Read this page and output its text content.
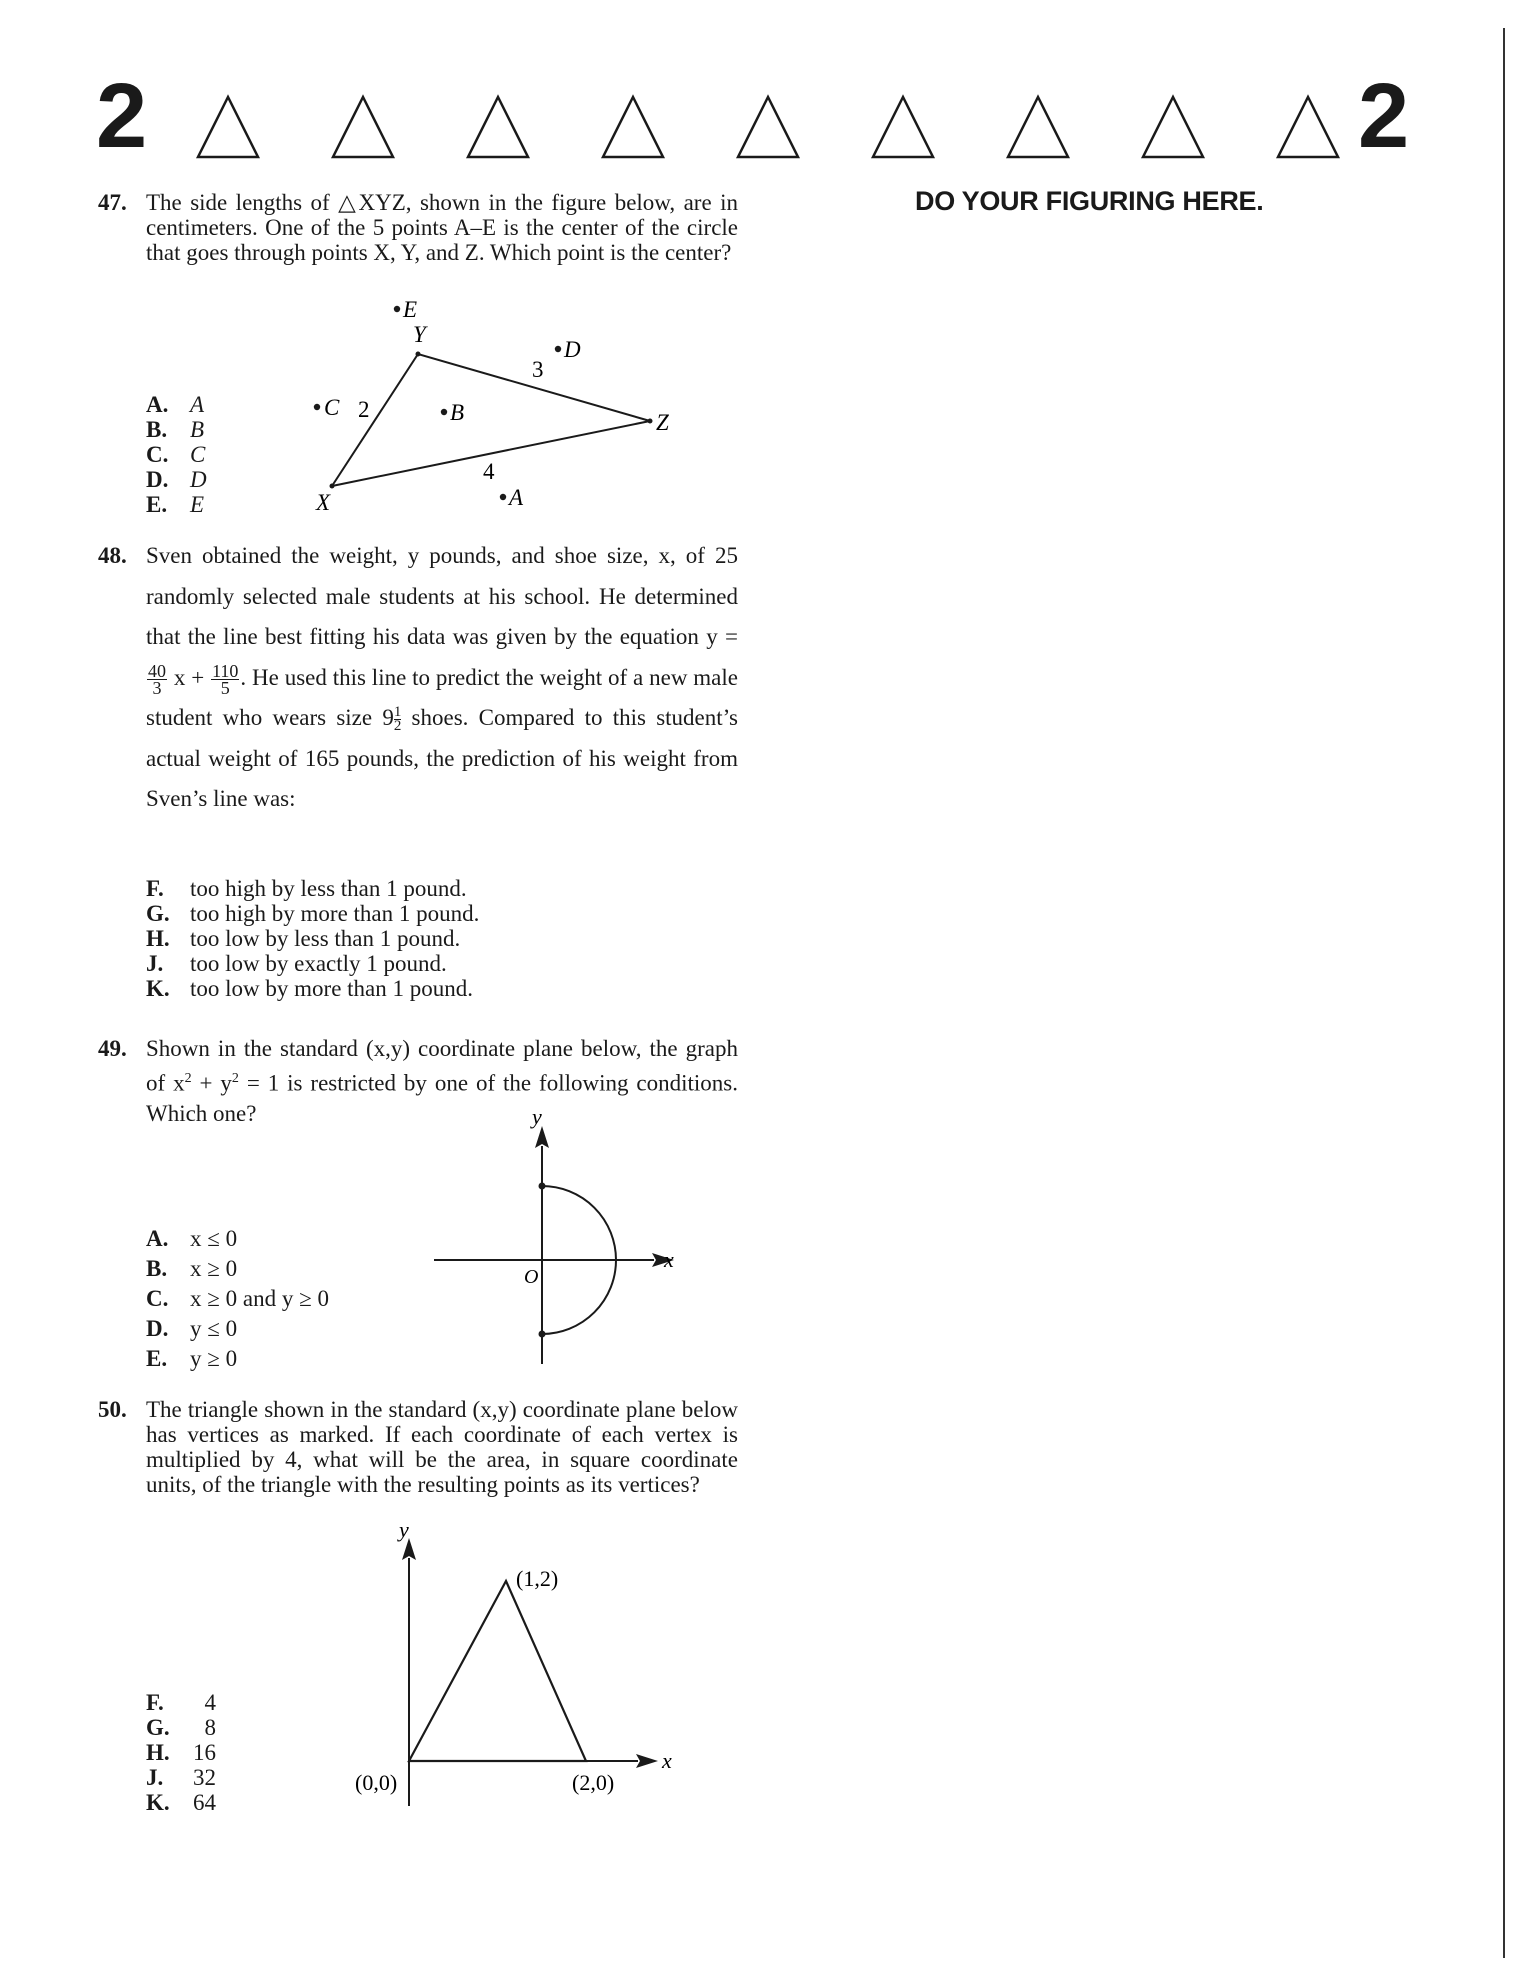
2	2
DO YOUR FIGURING HERE.
47. The side lengths of △XYZ, shown in the figure below, are in centimeters. One of the 5 points A–E is the center of the circle that goes through points X, Y, and Z. Which point is the center?
X
Y
Z
E
D
C	B
A
2
3
4
A. A
B. B
C. C
D. D
E. E
48. Sven obtained the weight, y pounds, and shoe size, x, of 25 randomly selected male students at his school. He determined that the line best fitting his data was given by the equation y =
$\frac{40}{3}$ $x + \frac{110}{5}$ . He used this line to predict the weight of a new male student who wears size $9 \frac{1}{2}$ shoes. Compared to this student’s actual weight of 165 pounds, the prediction of his weight from Sven’s line was:
F. too high by less than 1 pound.
G. too high by more than 1 pound.
H. too low by less than 1 pound.
J. too low by exactly 1 pound.
K. too low by more than 1 pound.
49. Shown in the standard (x,y) coordinate plane below, the graph of $x^2 + y^2 = 1$ is restricted by one of the following conditions. Which one?
x
y
O
A. x ≤ 0
B. x ≥ 0
C. x ≥ 0 and y ≥ 0
D. y ≤ 0
E. y ≥ 0
50. The triangle shown in the standard (x,y) coordinate plane below has vertices as marked. If each coordinate of each vertex is multiplied by 4, what will be the area, in square coordinate units, of the triangle with the resulting points as its vertices?
y
x
(0,0)
(1,2)
(2,0)
F. 4
G. 8
H. 16
J. 32
K. 64
